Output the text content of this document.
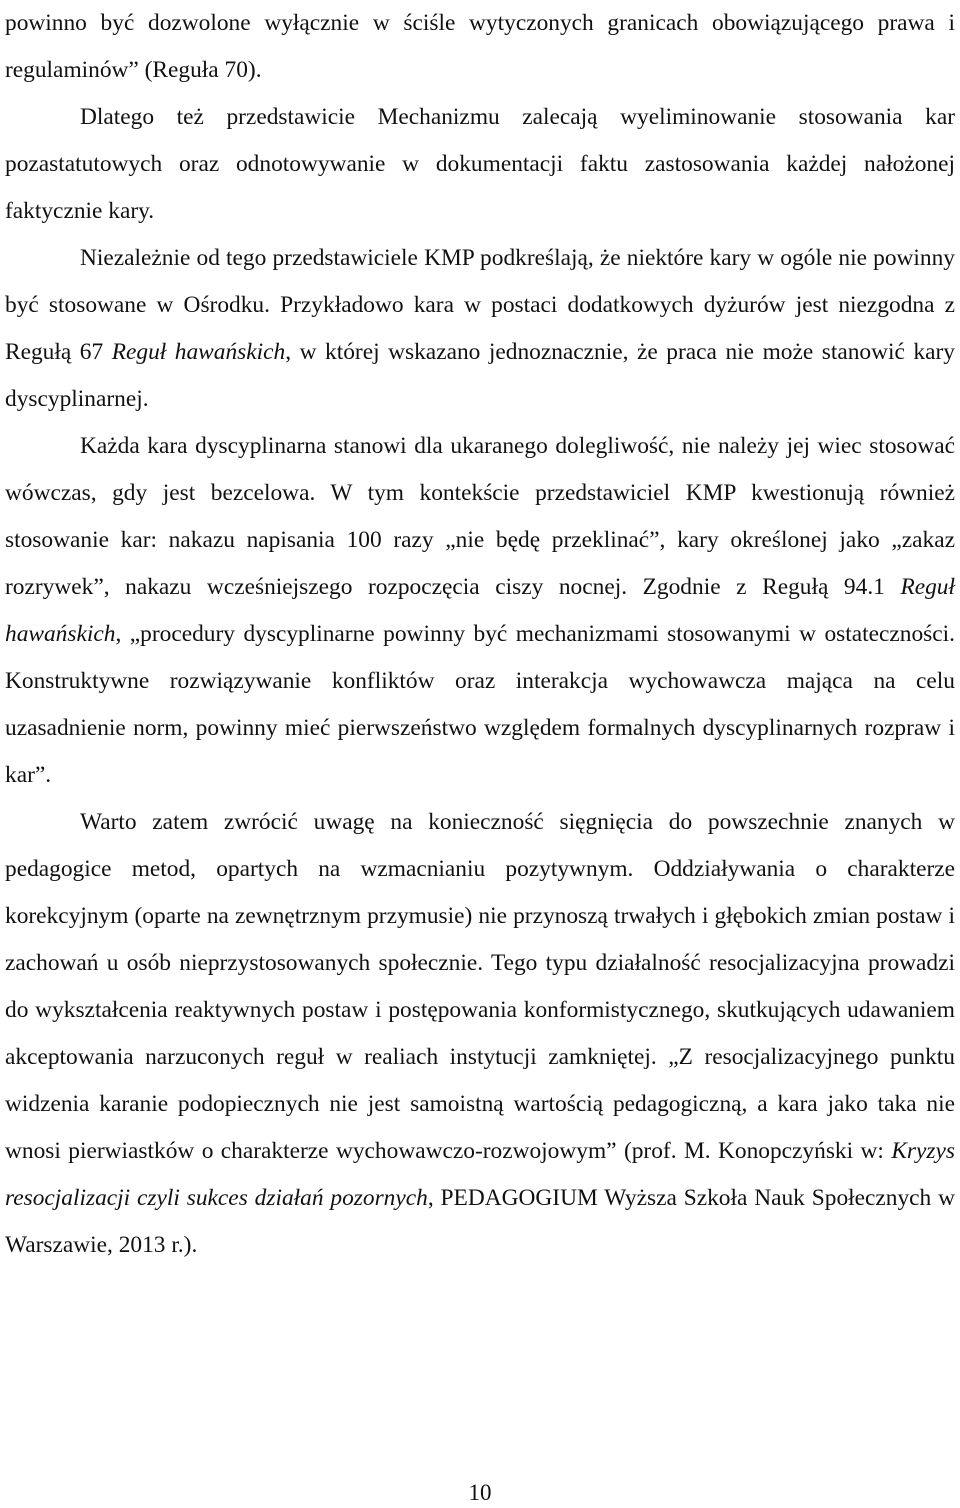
powinno być dozwolone wyłącznie w ściśle wytyczonych granicach obowiązującego prawa i regulaminów” (Reguła 70).

Dlatego też przedstawicie Mechanizmu zalecają wyeliminowanie stosowania kar pozastatutowych oraz odnotowywanie w dokumentacji faktu zastosowania każdej nałożonej faktycznie kary.

Niezależnie od tego przedstawiciele KMP podkreślają, że niektóre kary w ogóle nie powinny być stosowane w Ośrodku. Przykładowo kara w postaci dodatkowych dyżurów jest niezgodna z Regułą 67 Reguł hawańskich, w której wskazano jednoznacznie, że praca nie może stanowić kary dyscyplinarnej.

Każda kara dyscyplinarna stanowi dla ukaranego dolegliwość, nie należy jej wiec stosować wówczas, gdy jest bezcelowa. W tym kontekście przedstawiciel KMP kwestionują również stosowanie kar: nakazu napisania 100 razy „nie będę przeklinać”, kary określonej jako „zakaz rozrywek”, nakazu wcześniejszego rozpoczęcia ciszy nocnej. Zgodnie z Regułą 94.1 Reguł hawańskich, „procedury dyscyplinarne powinny być mechanizmami stosowanymi w ostateczności. Konstruktywne rozwiązywanie konfliktów oraz interakcja wychowawcza mająca na celu uzasadnienie norm, powinny mieć pierwszeństwo względem formalnych dyscyplinarnych rozpraw i kar”.

Warto zatem zwrócić uwagę na konieczność sięgnięcia do powszechnie znanych w pedagogice metod, opartych na wzmacnianiu pozytywnym. Oddziaływania o charakterze korekcyjnym (oparte na zewnętrznym przymusie) nie przynoszą trwałych i głębokich zmian postaw i zachowań u osób nieprzystosowanych społecznie. Tego typu działalność resocjalizacyjna prowadzi do wykształcenia reaktywnych postaw i postępowania konformistycznego, skutkujących udawaniem akceptowania narzuconych reguł w realiach instytucji zamkniętej. „Z resocjalizacyjnego punktu widzenia karanie podopiecznych nie jest samoistną wartością pedagogiczną, a kara jako taka nie wnosi pierwiastków o charakterze wychowawczo-rozwojowym” (prof. M. Konopczyński w: Kryzys resocjalizacji czyli sukces działań pozornych, PEDAGOGIUM Wyższa Szkoła Nauk Społecznych w Warszawie, 2013 r.).

10
